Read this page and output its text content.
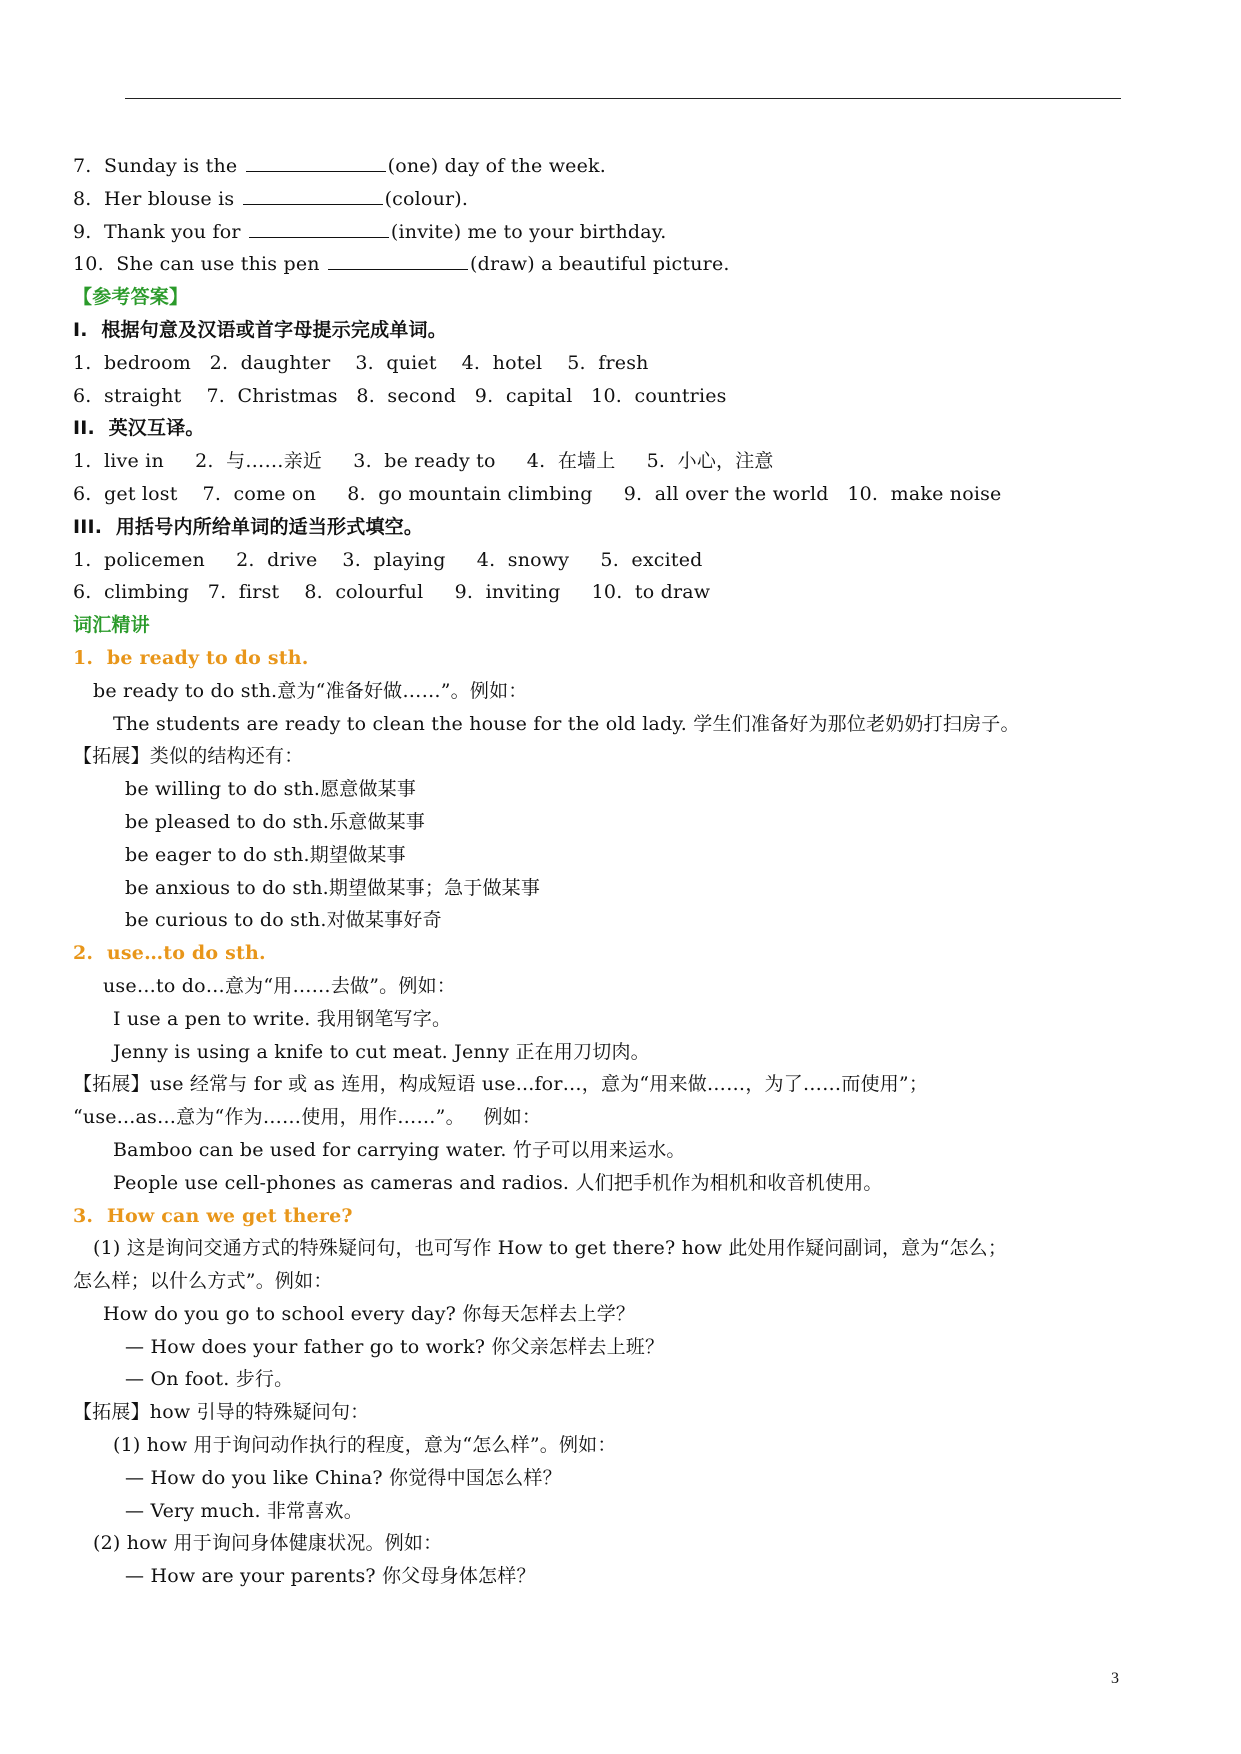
7.  Sunday is the	(one) day of the week.
8.  Her blouse is	(colour).
9.  Thank you for	(invite) me to your birthday.
10.  She can use this pen	(draw) a beautiful picture.
【参考答案】
I.  根据句意及汉语或首字母提示完成单词。
1.  bedroom   2.  daughter    3.  quiet    4.  hotel    5.  fresh
6.  straight    7.  Christmas   8.  second   9.  capital   10.  countries
II.  英汉互译。
1.  live in     2.  与……亲近     3.  be ready to     4.  在墙上     5.  小心，注意
6.  get lost    7.  come on     8.  go mountain climbing     9.  all over the world   10.  make noise
III.  用括号内所给单词的适当形式填空。
1.  policemen     2.  drive    3.  playing     4.  snowy     5.  excited
6.  climbing   7.  first    8.  colourful     9.  inviting     10.  to draw
词汇精讲
1.  be ready to do sth.
be ready to do sth.意为“准备好做……”。例如：
The students are ready to clean the house for the old lady. 学生们准备好为那位老奶奶打扫房子。
【拓展】类似的结构还有：
be willing to do sth.愿意做某事
be pleased to do sth.乐意做某事
be eager to do sth.期望做某事
be anxious to do sth.期望做某事；急于做某事
be curious to do sth.对做某事好奇
2.  use…to do sth.
use…to do…意为“用……去做”。例如：
I use a pen to write. 我用钢笔写字。
Jenny is using a knife to cut meat. Jenny 正在用刀切肉。
【拓展】use 经常与 for 或 as 连用，构成短语 use...for…，意为“用来做……，为了……而使用”；
“use...as…意为“作为……使用，用作……”。   例如：
Bamboo can be used for carrying water. 竹子可以用来运水。
People use cell-phones as cameras and radios. 人们把手机作为相机和收音机使用。
3.  How can we get there?
(1) 这是询问交通方式的特殊疑问句，也可写作 How to get there? how 此处用作疑问副词，意为“怎么；
怎么样；以什么方式”。例如：
How do you go to school every day? 你每天怎样去上学？
— How does your father go to work? 你父亲怎样去上班？
— On foot. 步行。
【拓展】how 引导的特殊疑问句：
(1) how 用于询问动作执行的程度，意为“怎么样”。例如：
— How do you like China? 你觉得中国怎么样？
— Very much. 非常喜欢。
(2) how 用于询问身体健康状况。例如：
— How are your parents? 你父母身体怎样？
3
